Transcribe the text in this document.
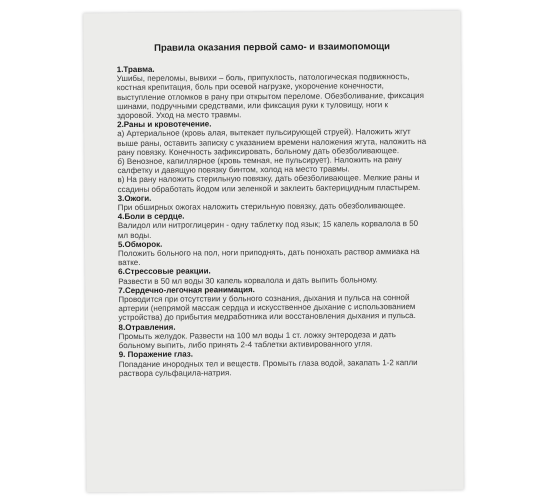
Правила оказания первой само- и взаимопомощи
1.Травма.
Ушибы, переломы, вывихи – боль, припухлость, патологическая подвижность, костная крепитация, боль при осевой нагрузке, укорочение конечности, выступление отломков в рану при открытом переломе. Обезболивание, фиксация шинами, подручными средствами, или фиксация руки к туловищу, ноги к здоровой. Уход на место травмы.
2.Раны и кровотечение.
а) Артериальное (кровь алая, вытекает пульсирующей струей). Наложить жгут выше раны, оставить записку с указанием времени наложения жгута, наложить на рану повязку. Конечность зафиксировать, больному дать обезболивающее.
б) Венозное, капиллярное (кровь темная, не пульсирует). Наложить на рану салфетку и давящую повязку бинтом, холод на место травмы.
в) На рану наложить стерильную повязку, дать обезболивающее. Мелкие раны и ссадины обработать йодом или зеленкой и заклеить бактерицидным пластырем.
3.Ожоги.
При обширных ожогах наложить стерильную повязку, дать обезболивающее.
4.Боли в сердце.
Валидол или нитроглицерин - одну таблетку под язык; 15 капель корвалола в 50 мл воды.
5.Обморок.
Положить больного на пол, ноги приподнять, дать понюхать раствор аммиака на ватке.
6.Стрессовые реакции.
Развести в 50 мл воды 30 капель корвалола и дать выпить больному.
7.Сердечно-легочная реанимация.
Проводится при отсутствии у больного сознания, дыхания и пульса на сонной артерии (непрямой массаж сердца и искусственное дыхание с использованием устройства) до прибытия медработника или восстановления дыхания и пульса.
8.Отравления.
Промыть желудок. Развести на 100 мл воды 1 ст. ложку энтеродеза и дать больному выпить, либо принять 2-4 таблетки активированного угля.
9. Поражение глаз.
Попадание инородных тел и веществ. Промыть глаза водой, закапать 1-2 капли раствора сульфацила-натрия.
